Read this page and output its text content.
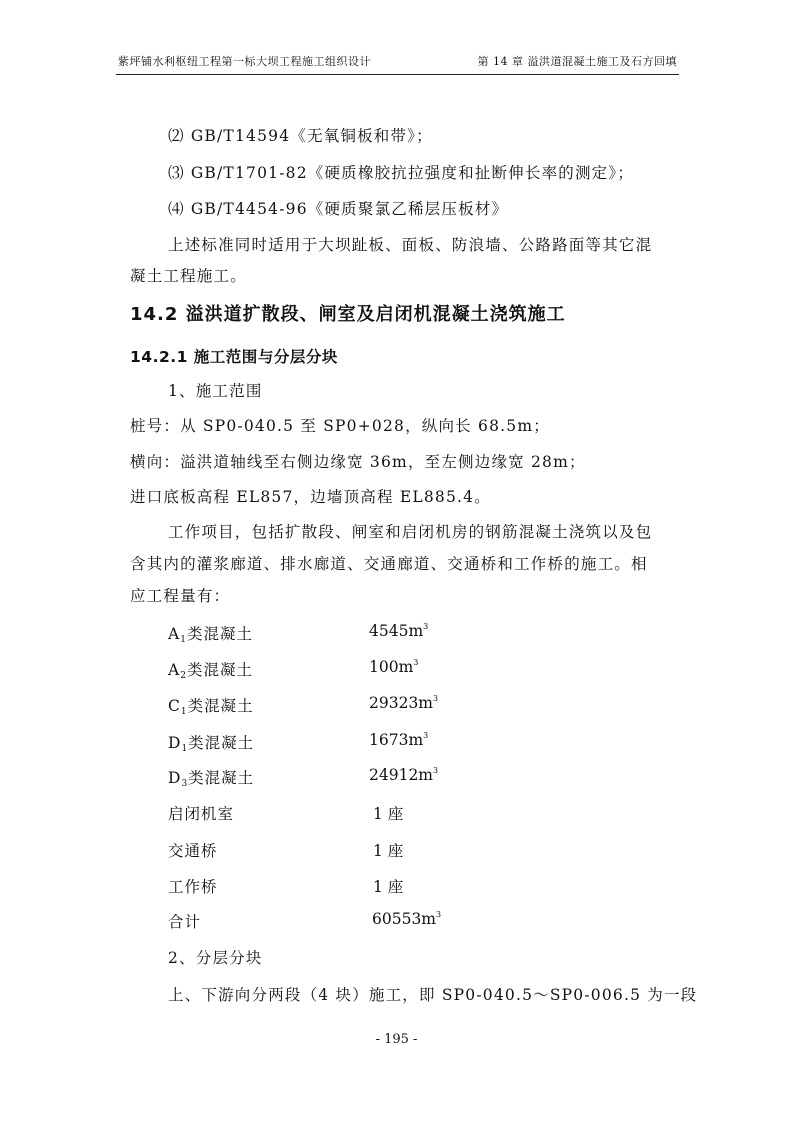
紫坪铺水利枢纽工程第一标大坝工程施工组织设计	第 14 章 溢洪道混凝土施工及石方回填
⑵ GB/T14594《无氧铜板和带》；
⑶ GB/T1701-82《硬质橡胶抗拉强度和扯断伸长率的测定》；
⑷ GB/T4454-96《硬质聚氯乙稀层压板材》
上述标准同时适用于大坝趾板、面板、防浪墙、公路路面等其它混
凝土工程施工。
14.2 溢洪道扩散段、闸室及启闭机混凝土浇筑施工
14.2.1 施工范围与分层分块
1、施工范围
桩号：从 SP0-040.5 至 SP0+028，纵向长 68.5m；
横向：溢洪道轴线至右侧边缘宽 36m，至左侧边缘宽 28m；
进口底板高程 EL857，边墙顶高程 EL885.4。
工作项目，包括扩散段、闸室和启闭机房的钢筋混凝土浇筑以及包
含其内的灌浆廊道、排水廊道、交通廊道、交通桥和工作桥的施工。相
应工程量有：
$A_1$类混凝土	$4545m^3$
$A_2$类混凝土	$100m^3$
$C_1$类混凝土	$29323m^3$
$D_1$类混凝土	$1673m^3$
$D_3$类混凝土	$24912m^3$
启闭机室	1 座
交通桥	1 座
工作桥	1 座
合计	$60553m^3$
2、分层分块
上、下游向分两段（4 块）施工，即 SP0-040.5～SP0-006.5 为一段
- 195 -
